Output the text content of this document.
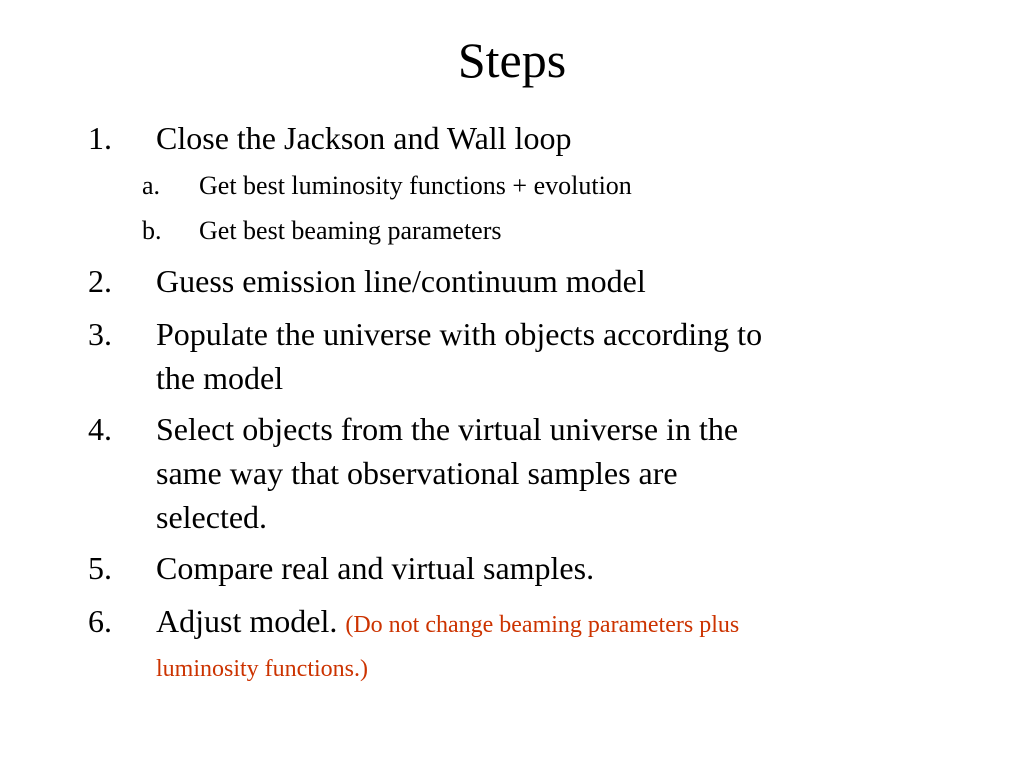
Steps
1.	Close the Jackson and Wall loop
a.	Get best luminosity functions + evolution
b.	Get best beaming parameters
2.	Guess emission line/continuum model
3.	Populate the universe with objects according to
the model
4.	Select objects from the virtual universe in the
same way that observational samples are
selected.
5.	Compare real and virtual samples.
6.	Adjust model. (Do not change beaming parameters plus
luminosity functions.)
